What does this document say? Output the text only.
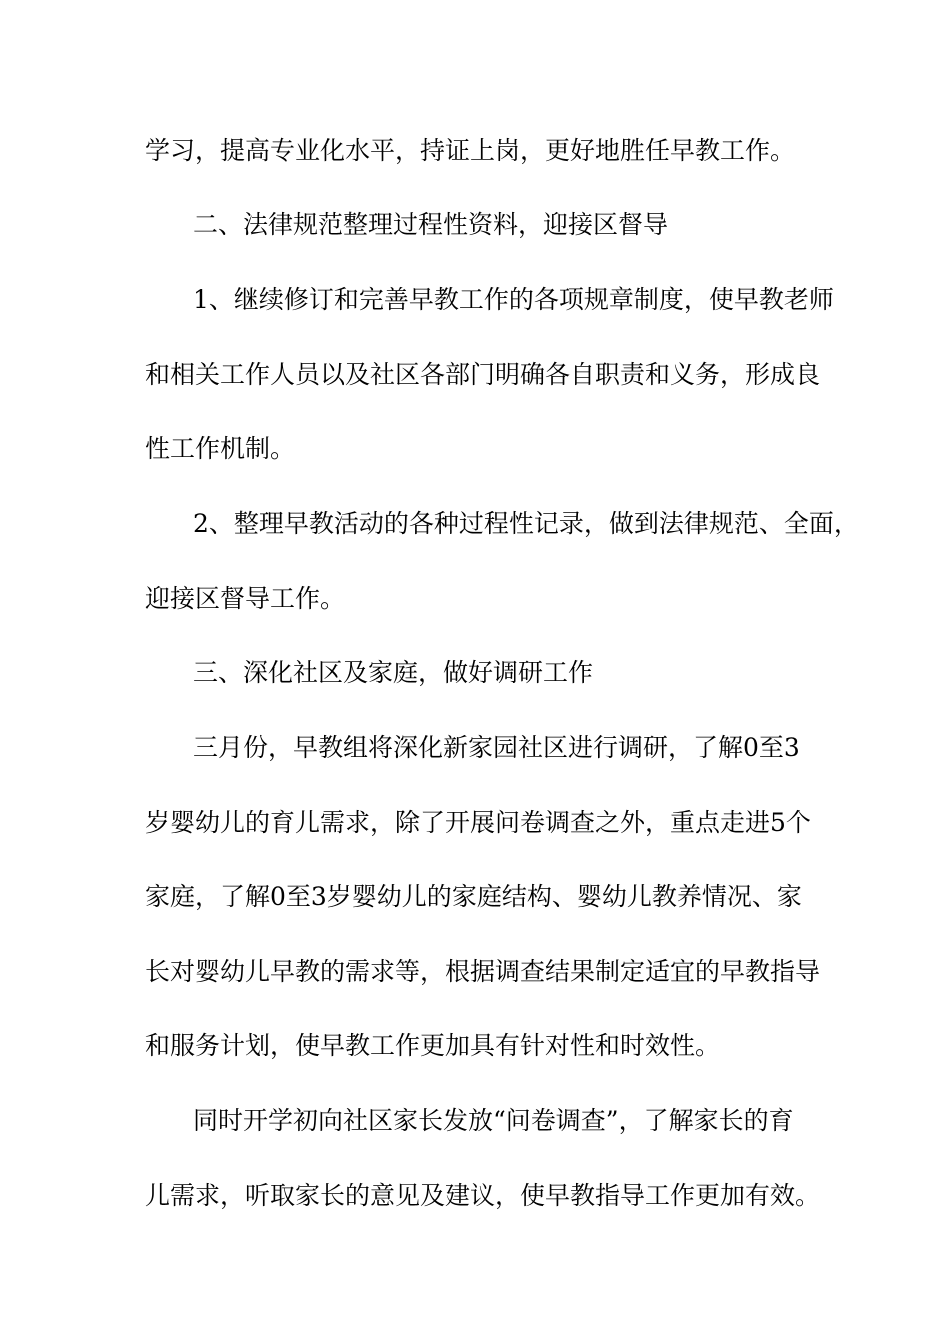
学习，提高专业化水平，持证上岗，更好地胜任早教工作。
二、法律规范整理过程性资料，迎接区督导
1、继续修订和完善早教工作的各项规章制度，使早教老师
和相关工作人员以及社区各部门明确各自职责和义务，形成良
性工作机制。
2、整理早教活动的各种过程性记录，做到法律规范、全面，
迎接区督导工作。
三、深化社区及家庭，做好调研工作
三月份，早教组将深化新家园社区进行调研，了解0至3
岁婴幼儿的育儿需求，除了开展问卷调查之外，重点走进5个
家庭，了解0至3岁婴幼儿的家庭结构、婴幼儿教养情况、家
长对婴幼儿早教的需求等，根据调查结果制定适宜的早教指导
和服务计划，使早教工作更加具有针对性和时效性。
同时开学初向社区家长发放“问卷调查”，了解家长的育
儿需求，听取家长的意见及建议，使早教指导工作更加有效。
